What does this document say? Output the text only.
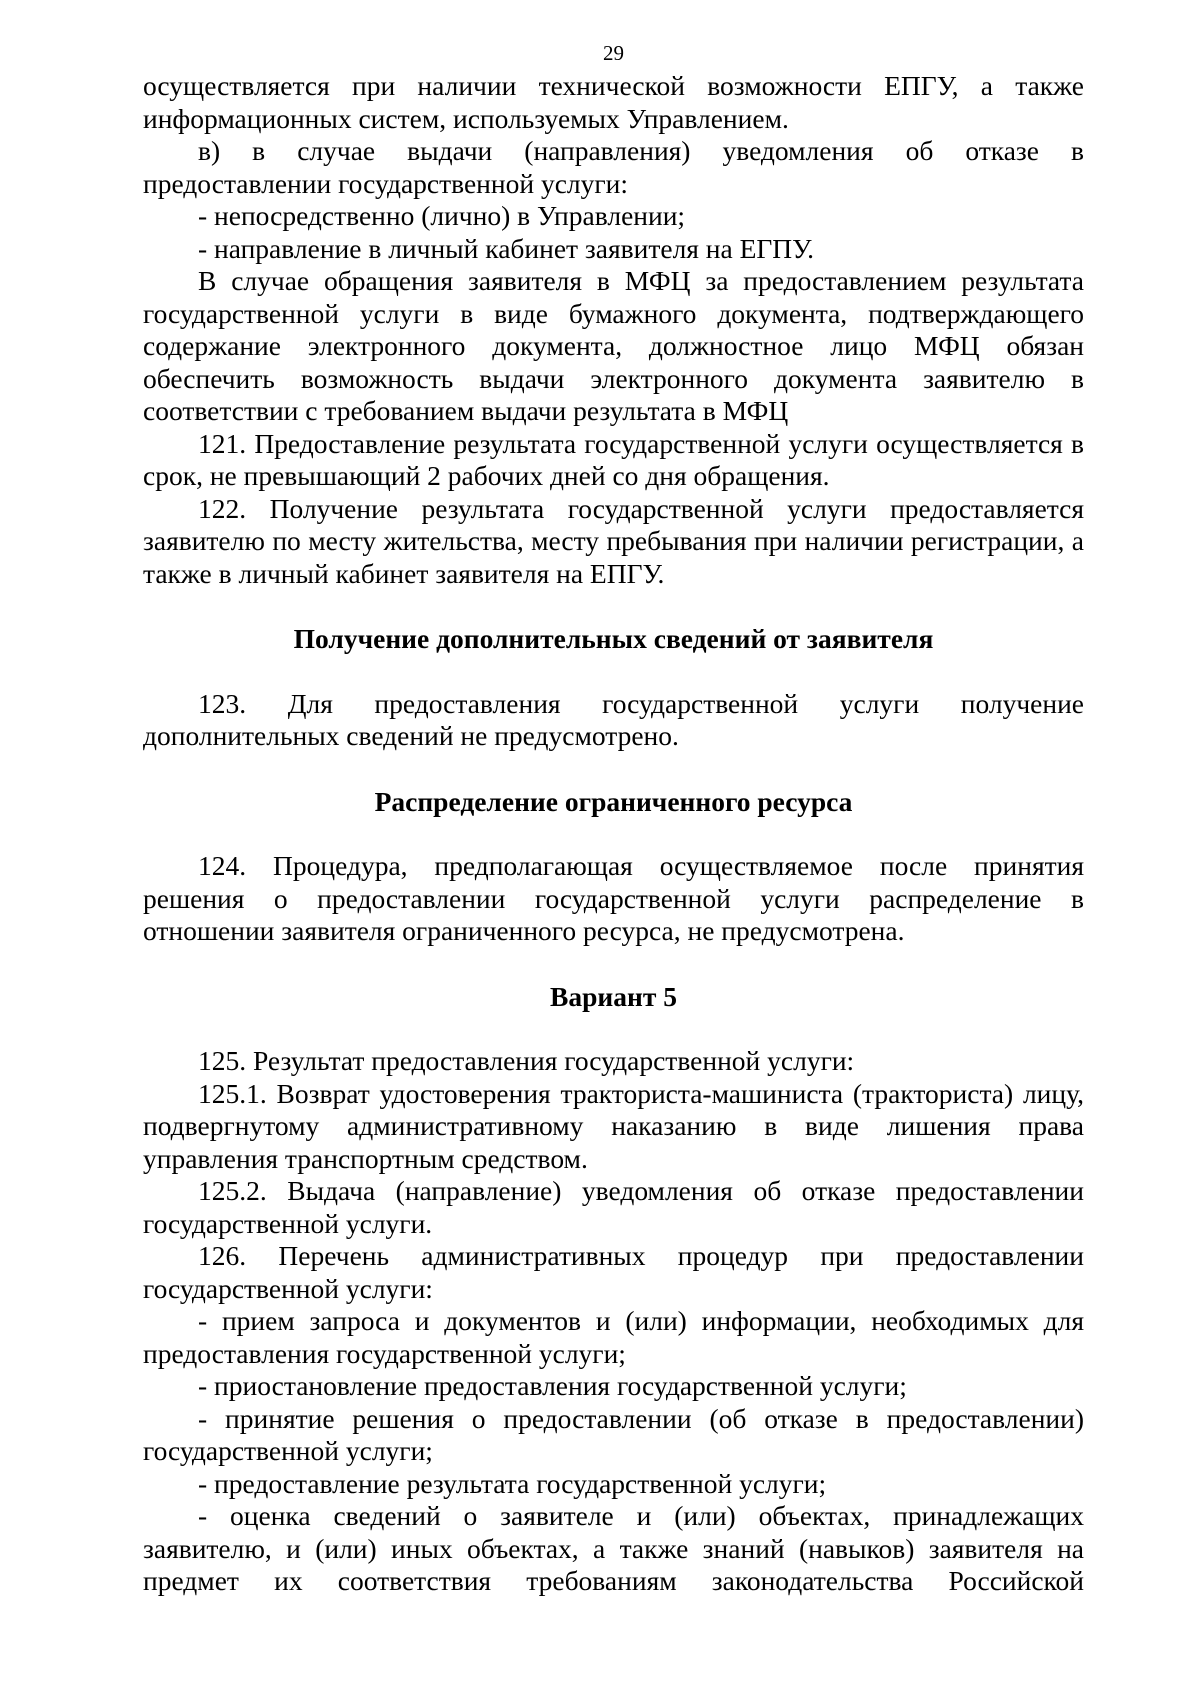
29

осуществляется при наличии технической возможности ЕПГУ, а также информационных систем, используемых Управлением.

в) в случае выдачи (направления) уведомления об отказе в

предоставлении государственной услуги:

- непосредственно (лично) в Управлении;

- направление в личный кабинет заявителя на ЕГПУ.

В случае обращения заявителя в МФЦ за предоставлением результата государственной услуги в виде бумажного документа, подтверждающего содержание электронного документа, должностное лицо МФЦ обязан обеспечить возможность выдачи электронного документа заявителю в соответствии с требованием выдачи результата в МФЦ

121. Предоставление результата государственной услуги осуществляется в срок, не превышающий 2 рабочих дней со дня обращения.

122. Получение результата государственной услуги предоставляется заявителю по месту жительства, месту пребывания при наличии регистрации, а также в личный кабинет заявителя на ЕПГУ.

Получение дополнительных сведений от заявителя

123. Для предоставления государственной услуги получение дополнительных сведений не предусмотрено.

Распределение ограниченного ресурса

124. Процедура, предполагающая осуществляемое после принятия решения о предоставлении государственной услуги распределение в отношении заявителя ограниченного ресурса, не предусмотрена.

Вариант 5

125. Результат предоставления государственной услуги:

125.1. Возврат удостоверения тракториста-машиниста (тракториста) лицу, подвергнутому административному наказанию в виде лишения права управления транспортным средством.

125.2. Выдача (направление) уведомления об отказе предоставлении государственной услуги.

126. Перечень административных процедур при предоставлении государственной услуги:

- прием запроса и документов и (или) информации, необходимых для предоставления государственной услуги;

- приостановление предоставления государственной услуги;

- принятие решения о предоставлении (об отказе в предоставлении) государственной услуги;

- предоставление результата государственной услуги;

- оценка сведений о заявителе и (или) объектах, принадлежащих заявителю, и (или) иных объектах, а также знаний (навыков) заявителя на предмет их соответствия требованиям законодательства Российской
